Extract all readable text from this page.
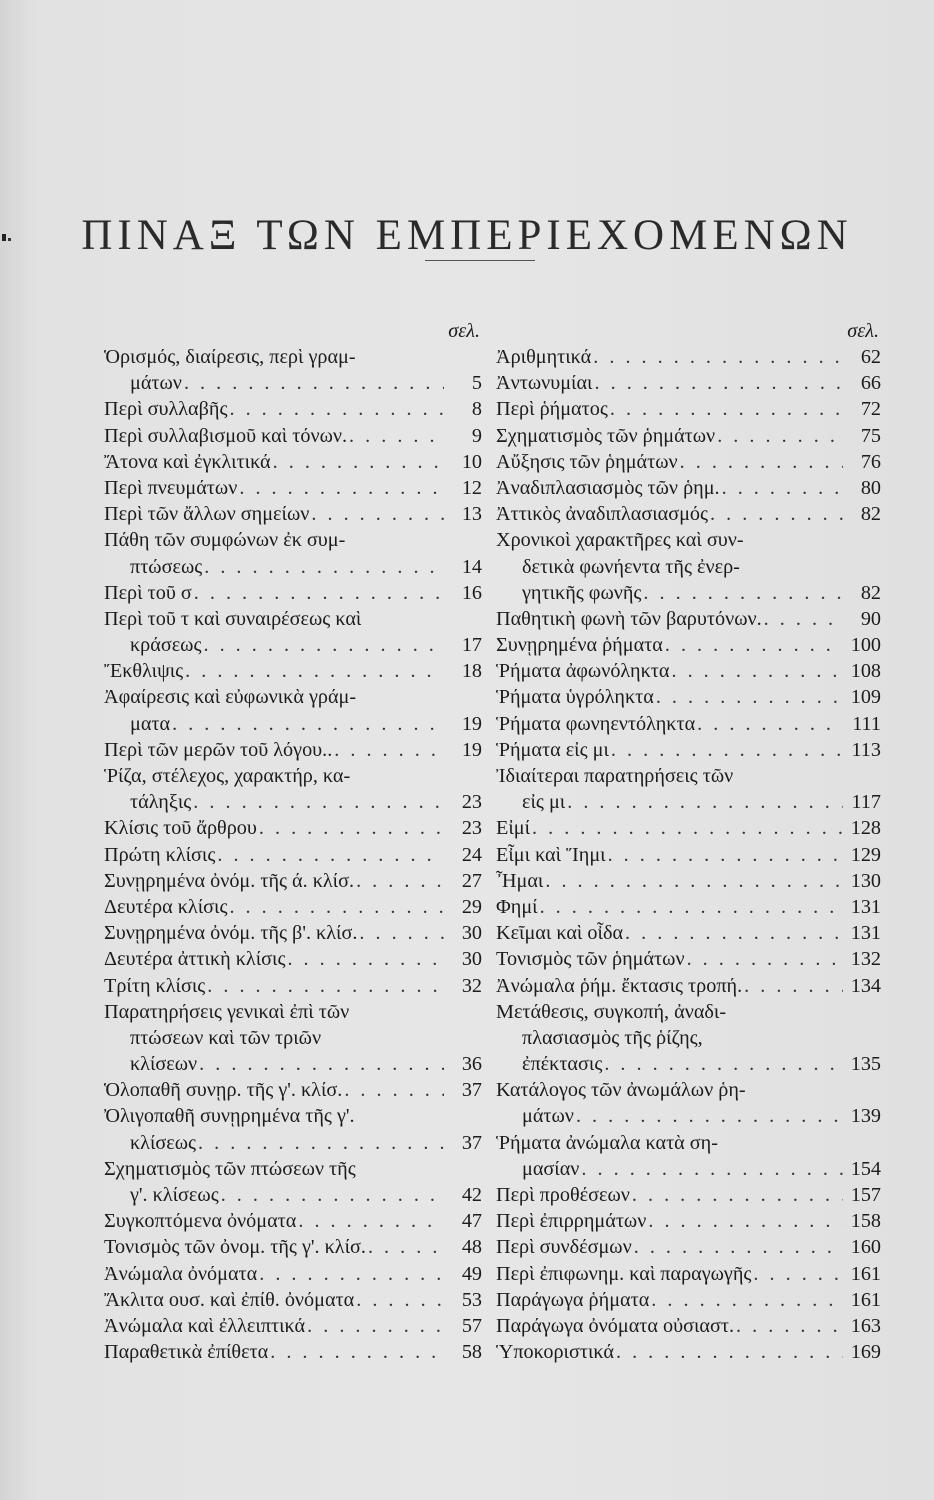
ΠΙΝΑΞ ΤΩΝ ΕΜΠΕΡΙΕΧΟΜΕΝΩΝ
σελ.
Ὁρισμός, διαίρεσις, περὶ γραμ-
μάτων . . .	5
Περὶ συλλαβῆς . . .	8
Περὶ συλλαβισμοῦ καὶ τόνων. . . .	9
Ἄτονα καὶ ἐγκλιτικά . . .	10
Περὶ πνευμάτων . . .	12
Περὶ τῶν ἄλλων σημείων . . .	13
Πάθη τῶν συμφώνων ἐκ συμ-
πτώσεως . . .	14
Περὶ τοῦ σ . . .	16
Περὶ τοῦ τ καὶ συναιρέσεως καὶ
κράσεως . . .	17
Ἔκθλιψις . . .	18
Ἀφαίρεσις καὶ εὐφωνικὰ γράμ-
ματα . . .	19
Περὶ τῶν μερῶν τοῦ λόγου.. . . .	19
Ῥίζα, στέλεχος, χαρακτήρ, κα-
τάληξις . . .	23
Κλίσις τοῦ ἄρθρου . . .	23
Πρώτη κλίσις . . .	24
Συνῃρημένα ὀνόμ. τῆς ά. κλίσ. . . .	27
Δευτέρα κλίσις . . .	29
Συνῃρημένα ὀνόμ. τῆς β'. κλίσ. . . .	30
Δευτέρα ἀττικὴ κλίσις . . .	30
Τρίτη κλίσις . . .	32
Παρατηρήσεις γενικαὶ ἐπὶ τῶν
πτώσεων καὶ τῶν τριῶν
κλίσεων . . .	36
Ὁλοπαθῆ συνῃρ. τῆς γ'. κλίσ. . . .	37
Ὀλιγοπαθῆ συνῃρημένα τῆς γ'.
κλίσεως . . .	37
Σχηματισμὸς τῶν πτώσεων τῆς
γ'. κλίσεως . . .	42
Συγκοπτόμενα ὀνόματα . . .	47
Τονισμὸς τῶν ὀνομ. τῆς γ'. κλίσ. . . .	48
Ἀνώμαλα ὀνόματα . . .	49
Ἄκλιτα ουσ. καὶ ἐπίθ. ὀνόματα . . .	53
Ἀνώμαλα καὶ ἐλλειπτικά . . .	57
Παραθετικὰ ἐπίθετα . . .	58
σελ.
Ἀριθμητικά . . .	62
Ἀντωνυμίαι . . .	66
Περὶ ῥήματος . . .	72
Σχηματισμὸς τῶν ῥημάτων . . .	75
Αὔξησις τῶν ῥημάτων . . .	76
Ἀναδιπλασιασμὸς τῶν ῥημ. . . .	80
Ἀττικὸς ἀναδιπλασιασμός . . .	82
Χρονικοὶ χαρακτῆρες καὶ συν-
δετικὰ φωνήεντα τῆς ἐνερ-
γητικῆς φωνῆς . . .	82
Παθητικὴ φωνὴ τῶν βαρυτόνων. . . .	90
Συνῃρημένα ῥήματα . . .	100
Ῥήματα ἀφωνόληκτα . . .	108
Ῥήματα ὑγρόληκτα . . .	109
Ῥήματα φωνηεντόληκτα . . .	111
Ῥήματα εἰς μι . . .	113
Ἰδιαίτεραι παρατηρήσεις τῶν
εἰς μι . . .	117
Εἰμί . . .	128
Εἶμι καὶ Ἵημι . . .	129
Ἦμαι . . .	130
Φημί . . .	131
Κεῖμαι καὶ οἶδα . . .	131
Τονισμὸς τῶν ῥημάτων . . .	132
Ἀνώμαλα ῥήμ. ἔκτασις τροπή. . . .	134
Μετάθεσις, συγκοπή, ἀναδι-
πλασιασμὸς τῆς ῥίζης,
ἐπέκτασις . . .	135
Κατάλογος τῶν ἀνωμάλων ῥη-
μάτων . . .	139
Ῥήματα ἀνώμαλα κατὰ ση-
μασίαν . . .	154
Περὶ προθέσεων . . .	157
Περὶ ἐπιρρημάτων . . .	158
Περὶ συνδέσμων . . .	160
Περὶ ἐπιφωνημ. καὶ παραγωγῆς . . .	161
Παράγωγα ῥήματα . . .	161
Παράγωγα ὀνόματα οὐσιαστ. . . .	163
Ὑποκοριστικά . . .	169
